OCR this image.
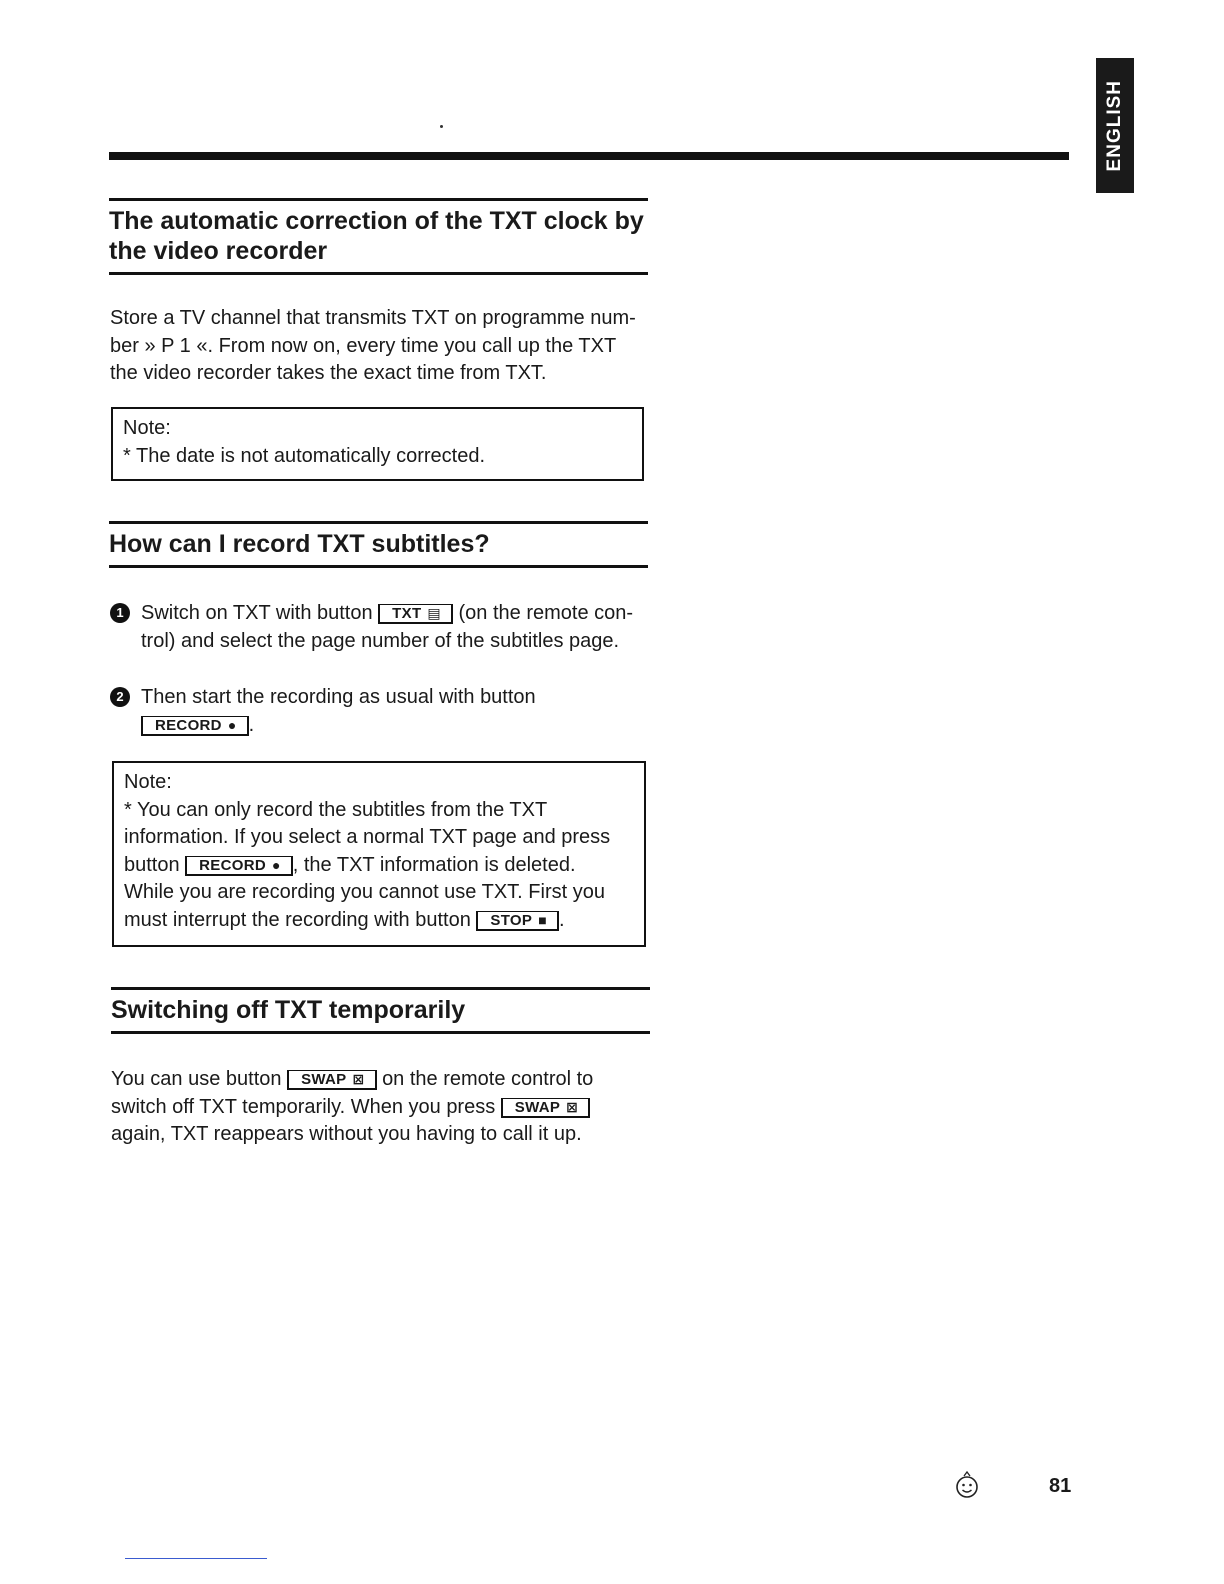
ENGLISH
The automatic correction of the TXT clock by the video recorder
Store a TV channel that transmits TXT on programme num-
ber » P 1 «. From now on, every time you call up the TXT
the video recorder takes the exact time from TXT.

Note:

* The date is not automatically corrected.

How can I record TXT subtitles?
1 Switch on TXT with button TXT ▤ (on the remote con-
trol) and select the page number of the subtitles page.
2 Then start the recording as usual with button
RECORD ● .

Note:

* You can only record the subtitles from the TXT

information. If you select a normal TXT page and press

button RECORD ● , the TXT information is deleted.

While you are recording you cannot use TXT. First you

must interrupt the recording with button STOP ■ .

Switching off TXT temporarily
You can use button SWAP ⊠ on the remote control to
switch off TXT temporarily. When you press SWAP ⊠
again, TXT reappears without you having to call it up.
81
